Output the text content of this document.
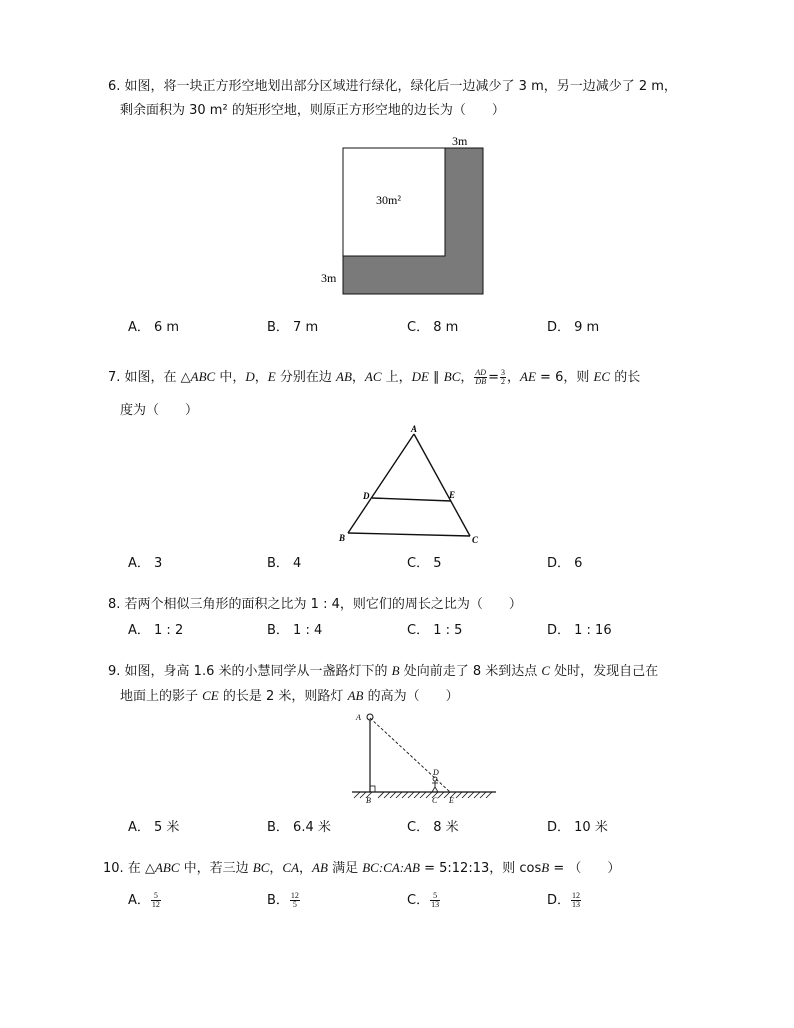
6. 如图，将一块正方形空地划出部分区域进行绿化，绿化后一边减少了 3 m，另一边减少了 2 m，
剩余面积为 30 m² 的矩形空地，则原正方形空地的边长为（　　）
3m
3m
30m²
A． 6 m	B． 7 m	C． 8 m	D． 9 m
7. 如图，在 △ABC 中，D，E 分别在边 AB，AC 上，DE ∥ BC， $\frac{AD}{DB} = \frac{3}{2}$ ，AE = 6，则 EC 的长
度为（　　）
A
B	C
D	E
A． 3	B． 4	C． 5	D． 6
8. 若两个相似三角形的面积之比为 1 : 4，则它们的周长之比为（　　）
A． 1 : 2	B． 1 : 4	C． 1 : 5	D． 1 : 16
9. 如图，身高 1.6 米的小慧同学从一盏路灯下的 B 处向前走了 8 米到达点 C 处时，发现自己在
地面上的影子 CE 的长是 2 米，则路灯 AB 的高为（　　）
A
B	C
D
E
A． 5 米	B． 6.4 米	C． 8 米	D． 10 米
10. 在 △ABC 中，若三边 BC，CA，AB 满足 BC:CA:AB = 5:12:13，则 cosB = （　　）
A． $\frac{5}{12}$	B． $\frac{12}{5}$	C． $\frac{5}{13}$	D． $\frac{12}{13}$
